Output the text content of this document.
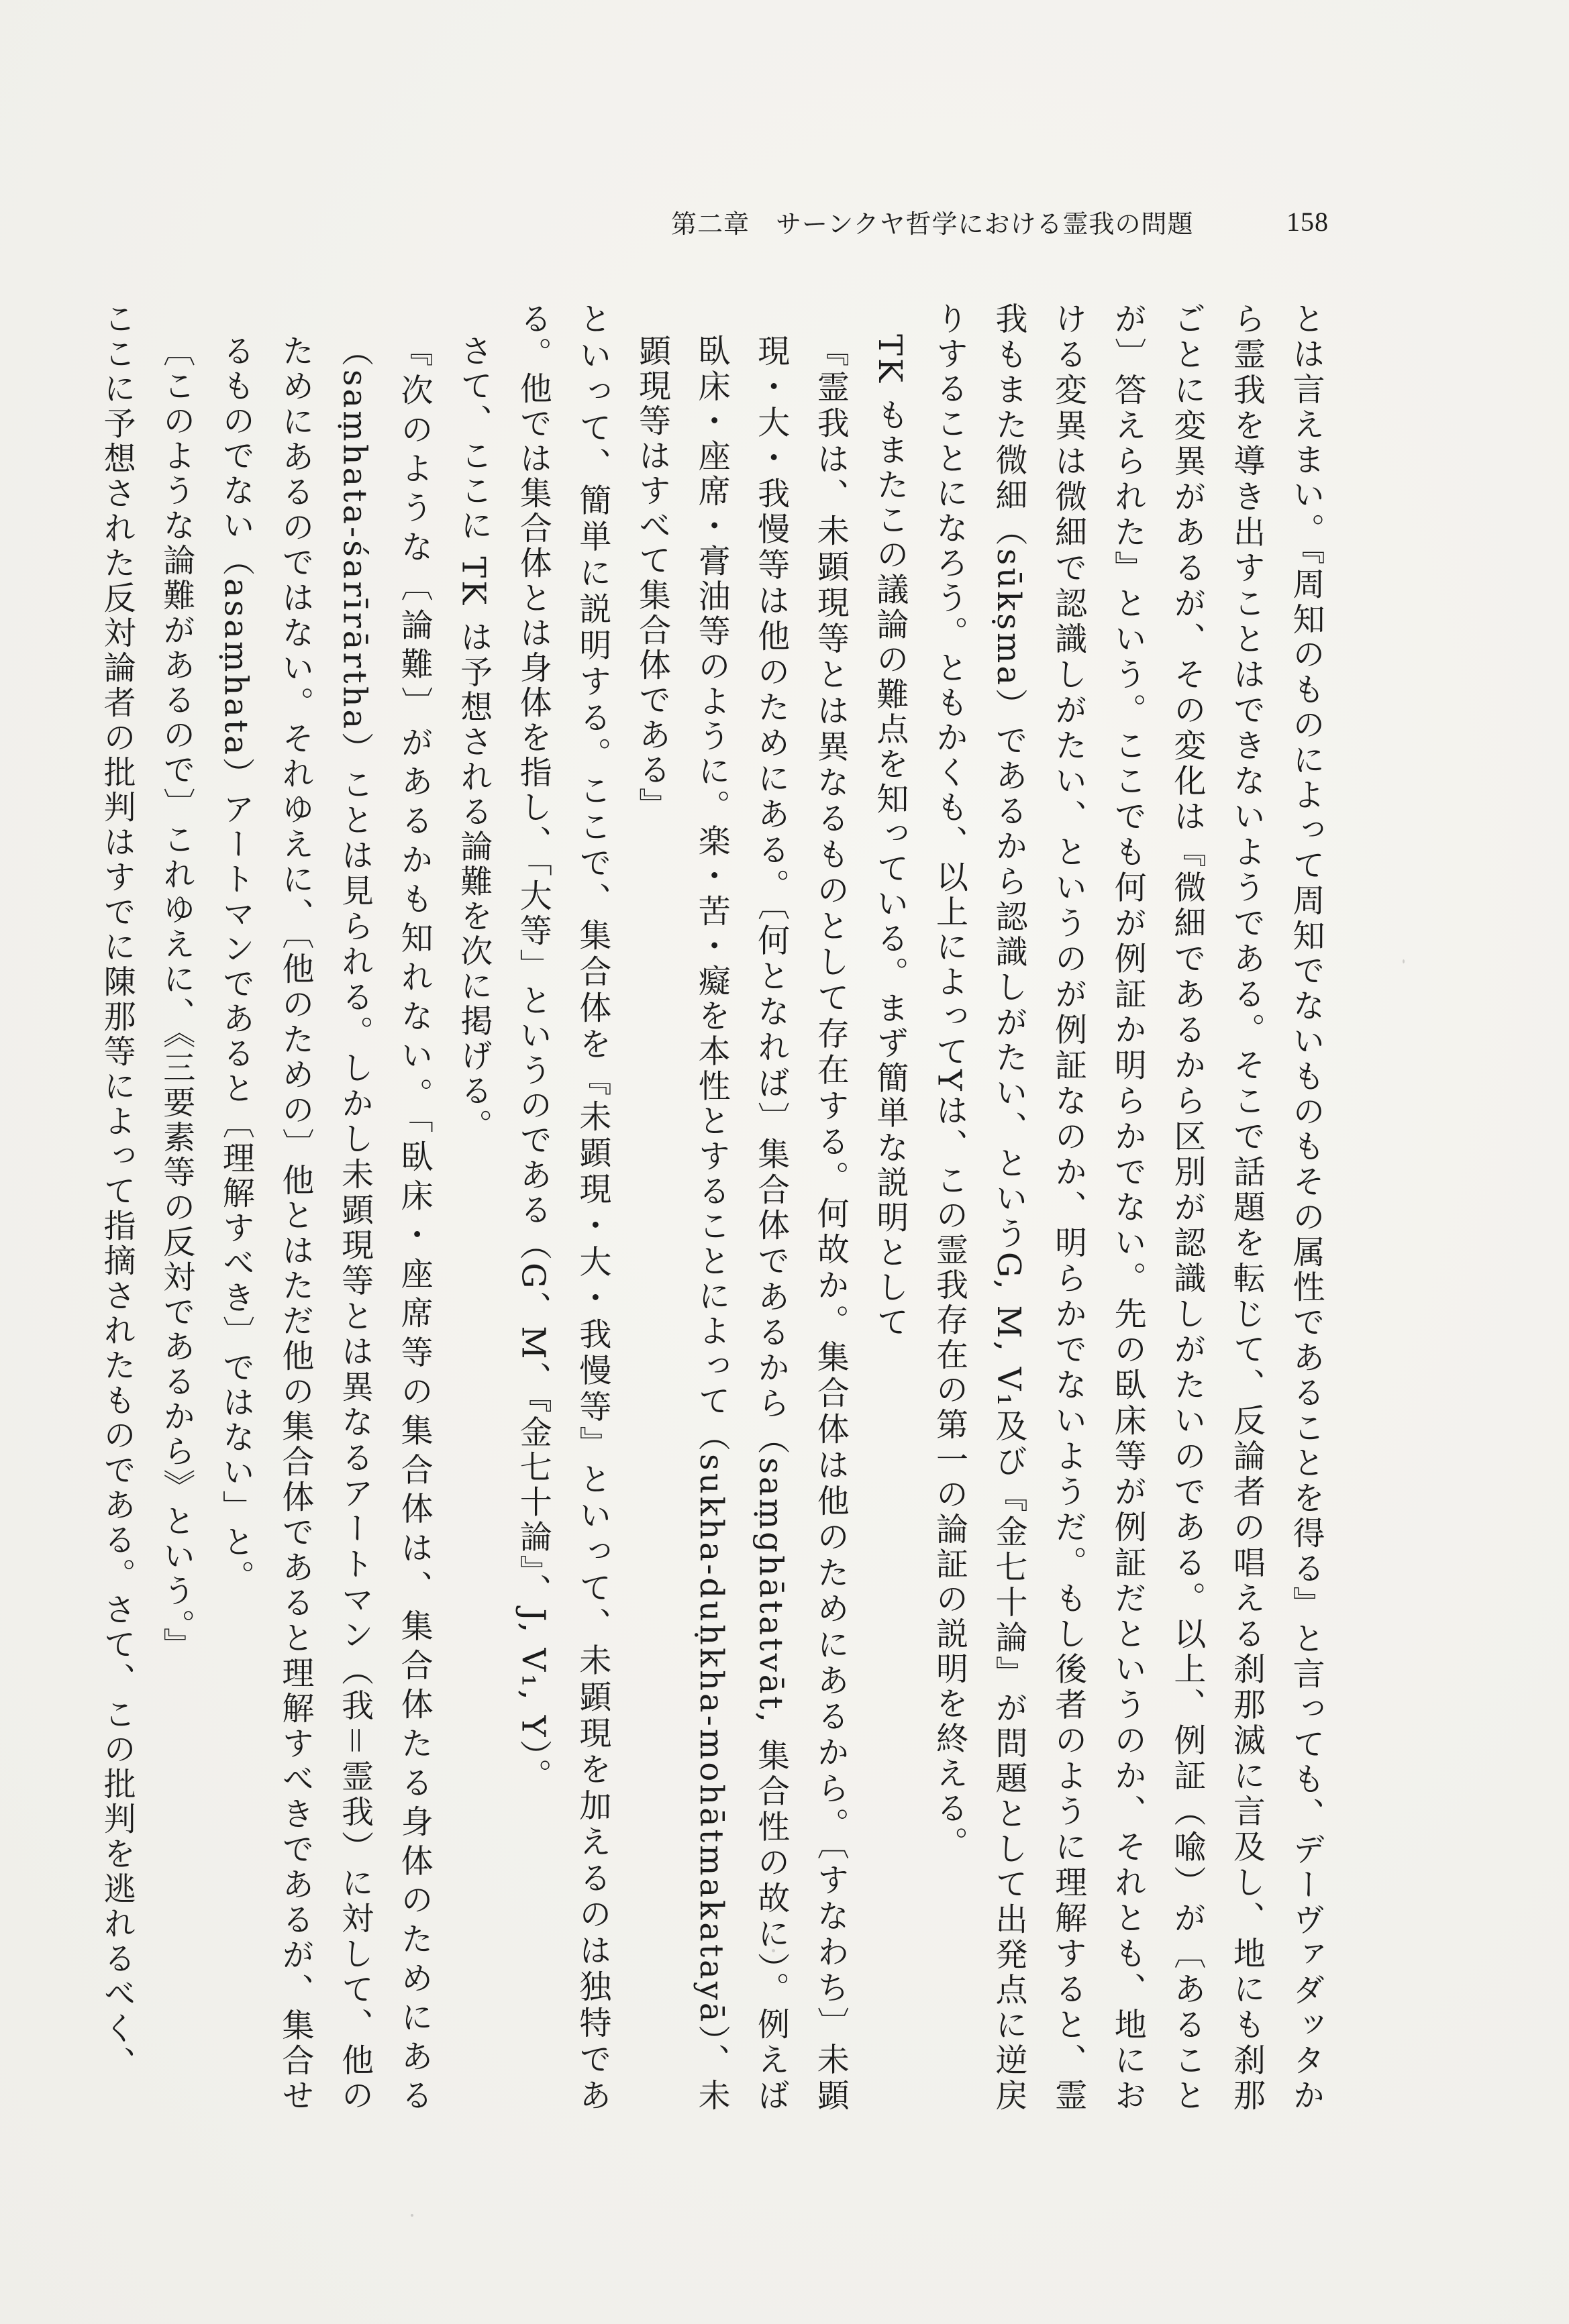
第二章　サーンクヤ哲学における霊我の問題	158

とは言えまい。『周知のものによって周知でないものもその属性であることを得る』と言っても、デーヴァダッタから霊我を導き出すことはできないようである。そこで話題を転じて、反論者の唱える刹那滅に言及し、地にも刹那ごとに変異があるが、その変化は『微細であるから区別が認識しがたいのである。以上、例証（喩）が〔あることが〕答えられた』という。ここでも何が例証か明らかでない。先の臥床等が例証だというのか、それとも、地における変異は微細で認識しがたい、というのが例証なのか、明らかでないようだ。もし後者のように理解すると、霊我もまた微細（sūkṣma）であるから認識しがたい、というG, M, V₁及び『金七十論』が問題として出発点に逆戻りすることになろう。ともかくも、以上によってYは、この霊我存在の第一の論証の説明を終える。

TK もまたこの議論の難点を知っている。まず簡単な説明として

『霊我は、未顕現等とは異なるものとして存在する。何故か。集合体は他のためにあるから。〔すなわち〕未顕現・大・我慢等は他のためにある。〔何となれば〕集合体であるから（saṃghātatvāt, 集合性の故に）。例えば臥床・座席・膏油等のように。楽・苦・癡を本性とすることによって（sukha-duḥkha-mohātmakatayā）、未顕現等はすべて集合体である』

といって、簡単に説明する。ここで、集合体を『未顕現・大・我慢等』といって、未顕現を加えるのは独特である。他では集合体とは身体を指し、「大等」というのである（G、M、『金七十論』、J, V₁, Y）。

さて、ここに TK は予想される論難を次に掲げる。

『次のような〔論難〕があるかも知れない。「臥床・座席等の集合体は、集合体たる身体のためにある（saṃhata-śarīrārtha）ことは見られる。しかし未顕現等とは異なるアートマン（我＝霊我）に対して、他のためにあるのではない。それゆえに、〔他のための〕他とはただ他の集合体であると理解すべきであるが、集合せるものでない（asaṃhata）アートマンであると〔理解すべき〕ではない」と。

〔このような論難があるので〕これゆえに、《三要素等の反対であるから》という。』

ここに予想された反対論者の批判はすでに陳那等によって指摘されたものである。さて、この批判を逃れるべく、
